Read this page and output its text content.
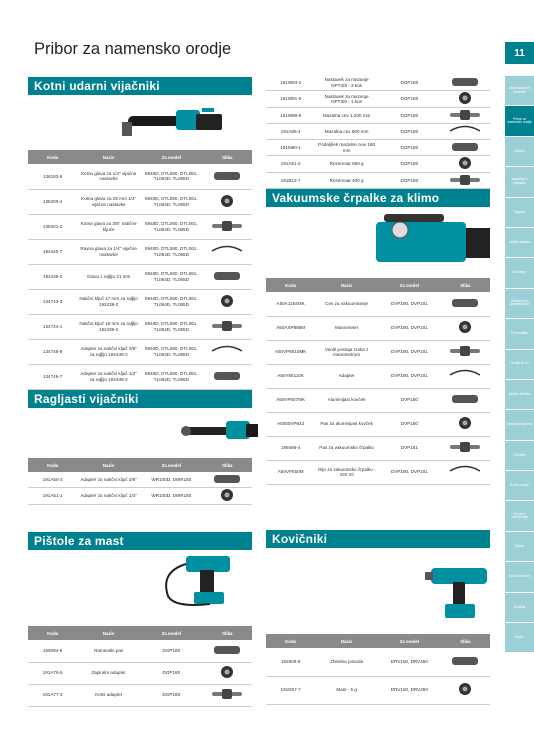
Pribor za namensko orodje	11
Akumulatorji in polnilniki
Pribor za namensko orodje
Vrtanje
Vijačenje in privijanje
Žaganje
Vrtalna kladiva
Brušenje
Rezkanje in obdelava lesa
Pnevmatika
Orodje za vrt
Merilna tehnika
Varnostna oprema
Čiščenje
Ročno orodje
Servis in vzdrževanje
Ostalo
Kovčki in torbe
Oblačila
Akcije
Kotni udarni vijačniki
Koda	Naziv	Za model	Slika
136183-9	Kotna glava za 1/4" vijačne nastavke	6940D, DTL060, DTL061, TL064D, TL065D	
135200-4	Kotna glava za 25 mm 1/4" vijačne nastavke	6940D, DTL060, DTL061, TL064D, TL065D	
135201-2	Kotna glava za 3/8" natične ključe	6940D, DTL060, DTL061, TL064D, TL065D	
192440-7	Ravna glava za 1/4" vijačne nastavke	6940D, DTL060, DTL061, TL064D, TL065D	
192439-2	Glava z rağljo 21 mm	6940D, DTL060, DTL061, TL064D, TL065D	
134743-3	Natični ključ 17 mm za rağljo 192439-2	6940D, DTL060, DTL061, TL064D, TL065D	
134744-1	Natični ključ 19 mm za rağljo 192439-2	6940D, DTL060, DTL061, TL064D, TL065D	
134745-9	Adapter za natični ključ 3/8" za rağljo 192439-2	6940D, DTL060, DTL061, TL064D, TL065D	
134746-7	Adapter za natični ključ 1/2" za rağljo 192439-2	6940D, DTL060, DTL061, TL064D, TL065D	
Ragljasti vijačniki
Koda	Naziv	Za model	Slika
191A50-3	Adapter za natični ključ 3/8"	WR100D, DWR180	
191A51-1	Adapter za natični ključ 1/4"	WR100D, DWR180	
Pištole za mast
Koda	Naziv	Za model	Slika
166094-6	Ramenski pas	DGP180	
191A76-5	Zapiralni adapter	DGP180	
191A77-3	Kotni adapter	DGP180	
191W93-2	Nastavek za mazanje NPT3/8 - 3 kos	DGP180	
191W91-0	Nastavek za mazanje NPT3/8 - 1 kos	DGP180	
191W99-9	Mazalna cev 1.200 mm	DGP180	
191A88-4	Mazalna cev 600 mm	DGP180	
191M60-1	Podaljšek mazalne cevi 160 mm	DGP180	
191A81-2	Rezervoar 850 g	DGP180	
191B12-7	Rezervoar 400 g	DGP180	
Vakuumske črpalke za klimo
Koda	Naziv	Za model	Slika
A50A1154MK	Cev za vakuumiranje	DVP180, DVP181	
A50AXP888M	Manometer	DVP180, DVP181	
A50VP6510MK	Ventil postaja zraka z manometrom	DVP180, DVP181	
A50Y65110K	Adapter	DVP180, DVP181	
A50VP007MK	Aluminijast kovček	DVP180	
A5000VP642	Pas za aluminijast kovček	DVP180	
199486-4	Pas za vakuumsko črpalko	DVP181	
A50VP650M	Olje za vakuumsko črpalko - 150 ml	DVP180, DVP181	
Kovičniki
Koda	Naziv	Za model	Slika
162509-9	Zbiralna posoda	DRV150, DRV250	
191D57-7	Mast - 5 g	DRV150, DRV250	
